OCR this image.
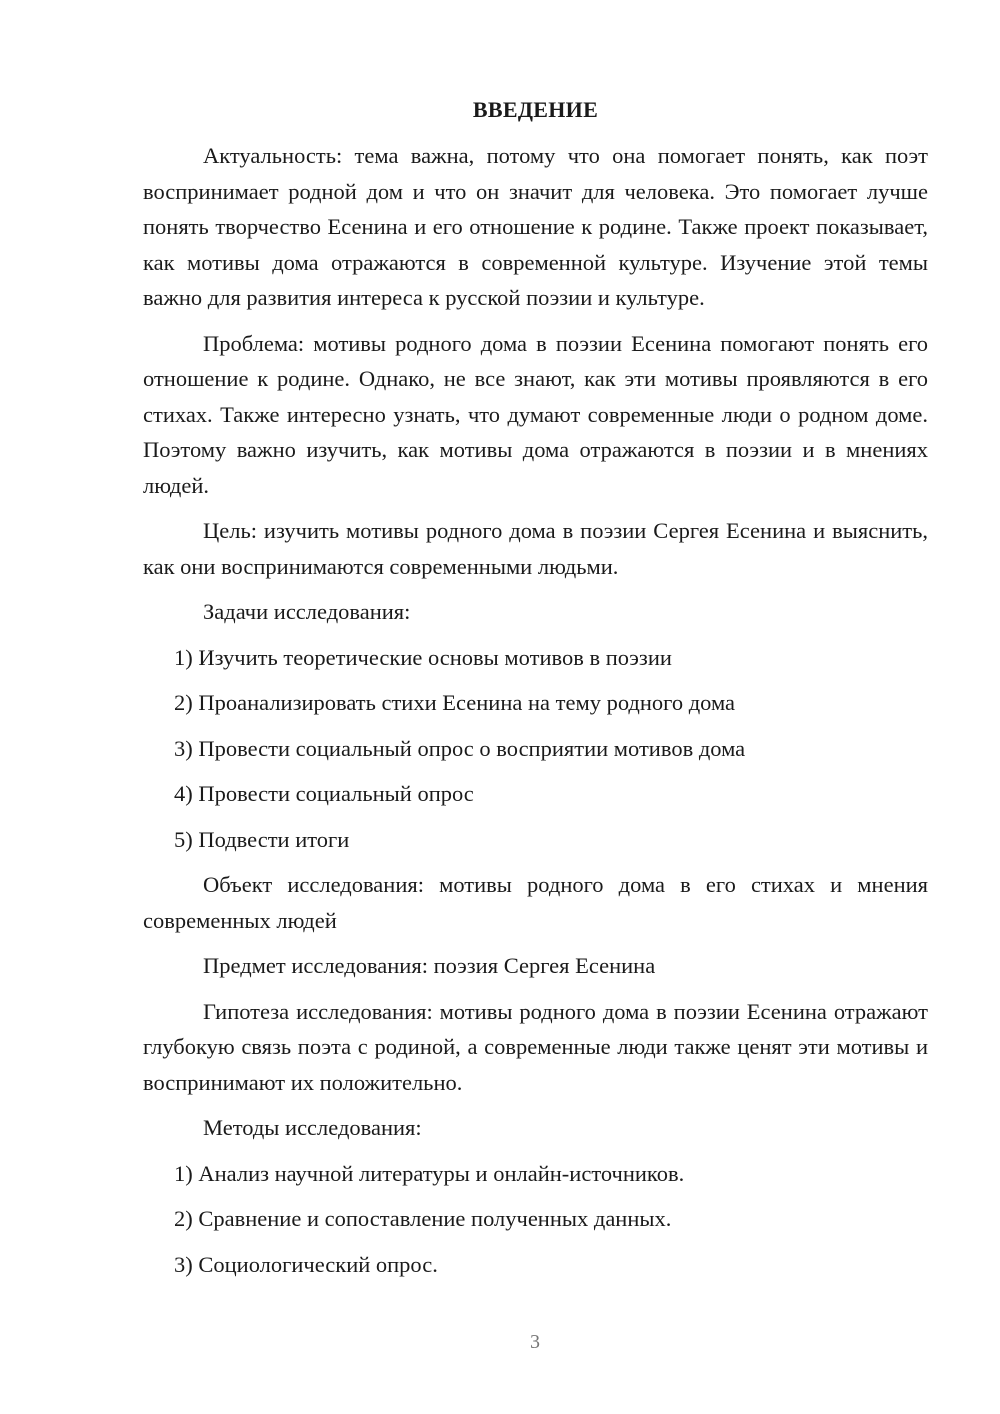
ВВЕДЕНИЕ
Актуальность: тема важна, потому что она помогает понять, как поэт воспринимает родной дом и что он значит для человека. Это помогает лучше понять творчество Есенина и его отношение к родине. Также проект показывает, как мотивы дома отражаются в современной культуре. Изучение этой темы важно для развития интереса к русской поэзии и культуре.
Проблема: мотивы родного дома в поэзии Есенина помогают понять его отношение к родине. Однако, не все знают, как эти мотивы проявляются в его стихах. Также интересно узнать, что думают современные люди о родном доме. Поэтому важно изучить, как мотивы дома отражаются в поэзии и в мнениях людей.
Цель: изучить мотивы родного дома в поэзии Сергея Есенина и выяснить, как они воспринимаются современными людьми.
Задачи исследования:
1) Изучить теоретические основы мотивов в поэзии
2) Проанализировать стихи Есенина на тему родного дома
3) Провести социальный опрос о восприятии мотивов дома
4) Провести социальный опрос
5) Подвести итоги
Объект исследования: мотивы родного дома в его стихах и мнения современных людей
Предмет исследования: поэзия Сергея Есенина
Гипотеза исследования: мотивы родного дома в поэзии Есенина отражают глубокую связь поэта с родиной, а современные люди также ценят эти мотивы и воспринимают их положительно.
Методы исследования:
1) Анализ научной литературы и онлайн-источников.
2) Сравнение и сопоставление полученных данных.
3) Социологический опрос.
3
